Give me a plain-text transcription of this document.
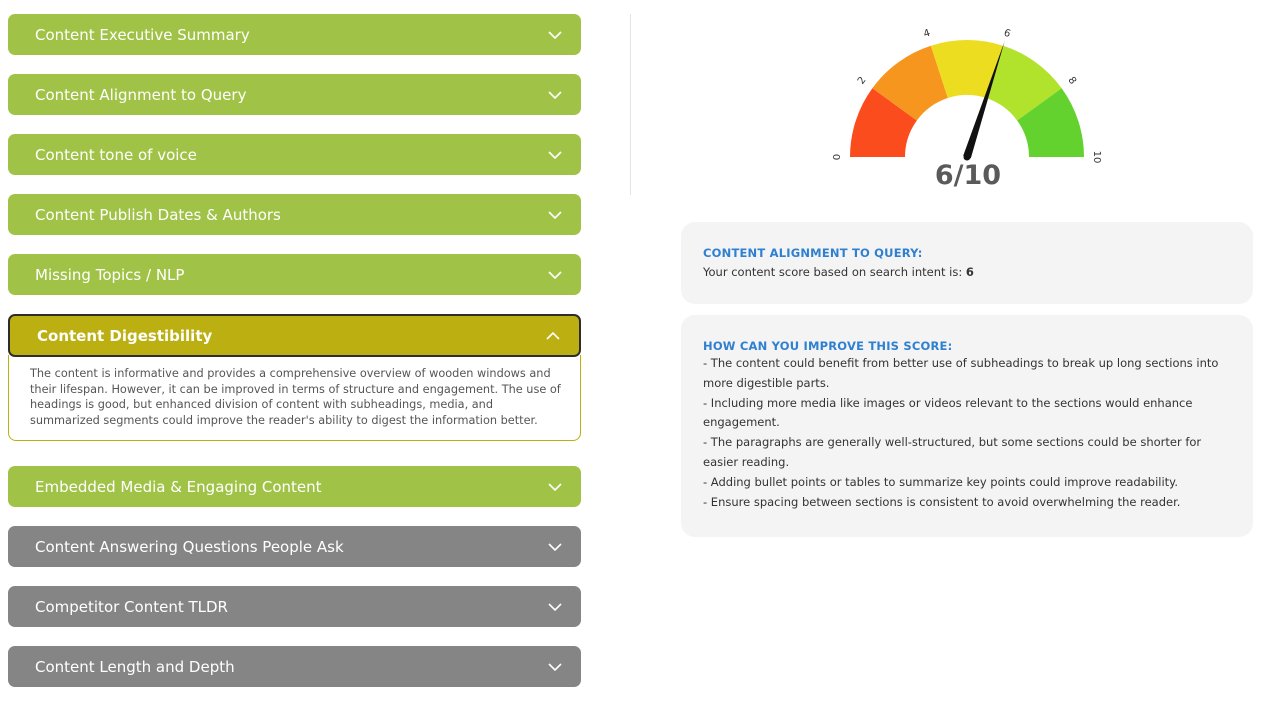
Content Executive Summary
Content Alignment to Query
Content tone of voice
Content Publish Dates & Authors
Missing Topics / NLP
Content Digestibility
The content is informative and provides a comprehensive overview of wooden windows and their lifespan. However, it can be improved in terms of structure and engagement. The use of headings is good, but enhanced division of content with subheadings, media, and summarized segments could improve the reader's ability to digest the information better.
Embedded Media & Engaging Content
Content Answering Questions People Ask
Competitor Content TLDR
Content Length and Depth
0
2
4	6
8
10
6/10
CONTENT ALIGNMENT TO QUERY:
Your content score based on search intent is: 6
HOW CAN YOU IMPROVE THIS SCORE:
- The content could benefit from better use of subheadings to break up long sections into more digestible parts.
- Including more media like images or videos relevant to the sections would enhance engagement.
- The paragraphs are generally well-structured, but some sections could be shorter for easier reading.
- Adding bullet points or tables to summarize key points could improve readability.
- Ensure spacing between sections is consistent to avoid overwhelming the reader.
